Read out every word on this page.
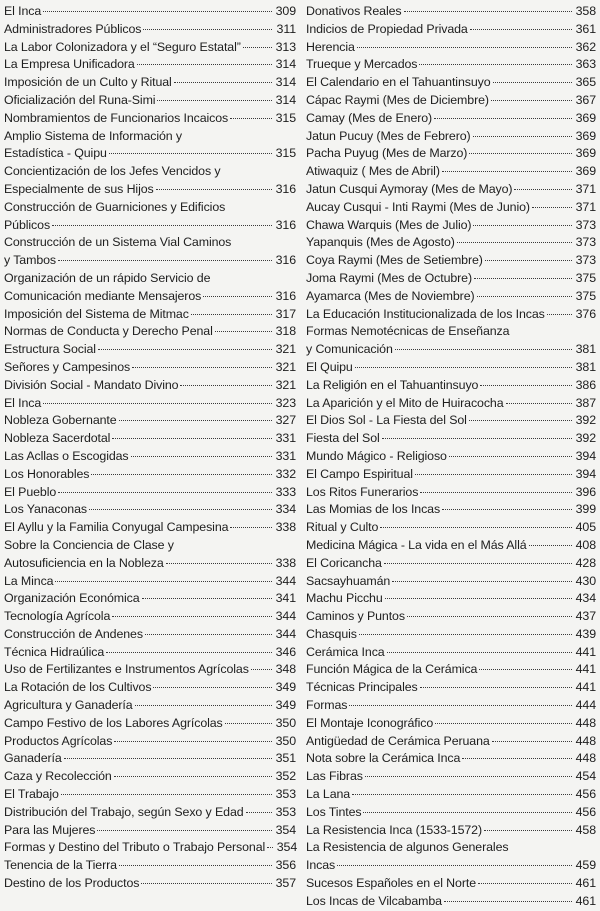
El Inca	309
Administradores Públicos	311
La Labor Colonizadora y el “Seguro Estatal”	313
La Empresa Unificadora	314
Imposición de un Culto y Ritual	314
Oficialización del Runa-Simi	314
Nombramientos de Funcionarios Incaicos	315
Amplio Sistema de Información y
Estadística - Quipu	315
Concientización de los Jefes Vencidos y
Especialmente de sus Hijos	316
Construcción de Guarniciones y Edificios
Públicos	316
Construcción de un Sistema Vial Caminos
y Tambos	316
Organización de un rápido Servicio de
Comunicación mediante Mensajeros	316
Imposición del Sistema de Mitmac	317
Normas de Conducta y Derecho Penal	318
Estructura Social	321
Señores y Campesinos	321
División Social - Mandato Divino	321
El Inca	323
Nobleza Gobernante	327
Nobleza Sacerdotal	331
Las Acllas o Escogidas	331
Los Honorables	332
El Pueblo	333
Los Yanaconas	334
El Ayllu y la Familia Conyugal Campesina	338
Sobre la Conciencia de Clase y
Autosuficiencia en la Nobleza	338
La Minca	344
Organización Económica	341
Tecnología Agrícola	344
Construcción de Andenes	344
Técnica Hidraúlica	346
Uso de Fertilizantes e Instrumentos Agrícolas 348
La Rotación de los Cultivos	349
Agricultura y Ganadería	349
Campo Festivo de los Labores Agrícolas	350
Productos Agrícolas	350
Ganadería	351
Caza y Recolección	352
El Trabajo	353
Distribución del Trabajo, según Sexo y Edad	353
Para las Mujeres	354
Formas y Destino del Tributo o Trabajo Personal 354
Tenencia de la Tierra	356
Destino de los Productos	357
Donativos Reales	358
Indicios de Propiedad Privada	361
Herencia	362
Trueque y Mercados	363
El Calendario en el Tahuantinsuyo	365
Cápac Raymi (Mes de Diciembre)	367
Camay (Mes de Enero)	369
Jatun Pucuy (Mes de Febrero)	369
Pacha Puyug (Mes de Marzo)	369
Atiwaquiz ( Mes de Abril)	369
Jatun Cusqui Aymoray (Mes de Mayo)	371
Aucay Cusqui - Inti Raymi (Mes de Junio)	371
Chawa Warquis (Mes de Julio)	373
Yapanquis (Mes de Agosto)	373
Coya Raymi (Mes de Setiembre)	373
Joma Raymi (Mes de Octubre)	375
Ayamarca (Mes de Noviembre)	375
La Educación Institucionalizada de los Incas 376
Formas Nemotécnicas de Enseñanza
y Comunicación	381
El Quipu	381
La Religión en el Tahuantinsuyo	386
La Aparición y el Mito de Huiracocha	387
El Dios Sol - La Fiesta del Sol	392
Fiesta del Sol	392
Mundo Mágico - Religioso	394
El Campo Espiritual	394
Los Ritos Funerarios	396
Las Momias de los Incas	399
Ritual y Culto	405
Medicina Mágica - La vida en el Más Allá	408
El Coricancha	428
Sacsayhuamán	430
Machu Picchu	434
Caminos y Puntos	437
Chasquis	439
Cerámica Inca	441
Función Mágica de la Cerámica	441
Técnicas Principales	441
Formas	444
El Montaje Iconográfico	448
Antigüedad de Cerámica Peruana	448
Nota sobre la Cerámica Inca	448
Las Fibras	454
La Lana	456
Los Tintes	456
La Resistencia Inca (1533-1572)	458
La Resistencia de algunos Generales
Incas	459
Sucesos Españoles en el Norte	461
Los Incas de Vilcabamba	461
